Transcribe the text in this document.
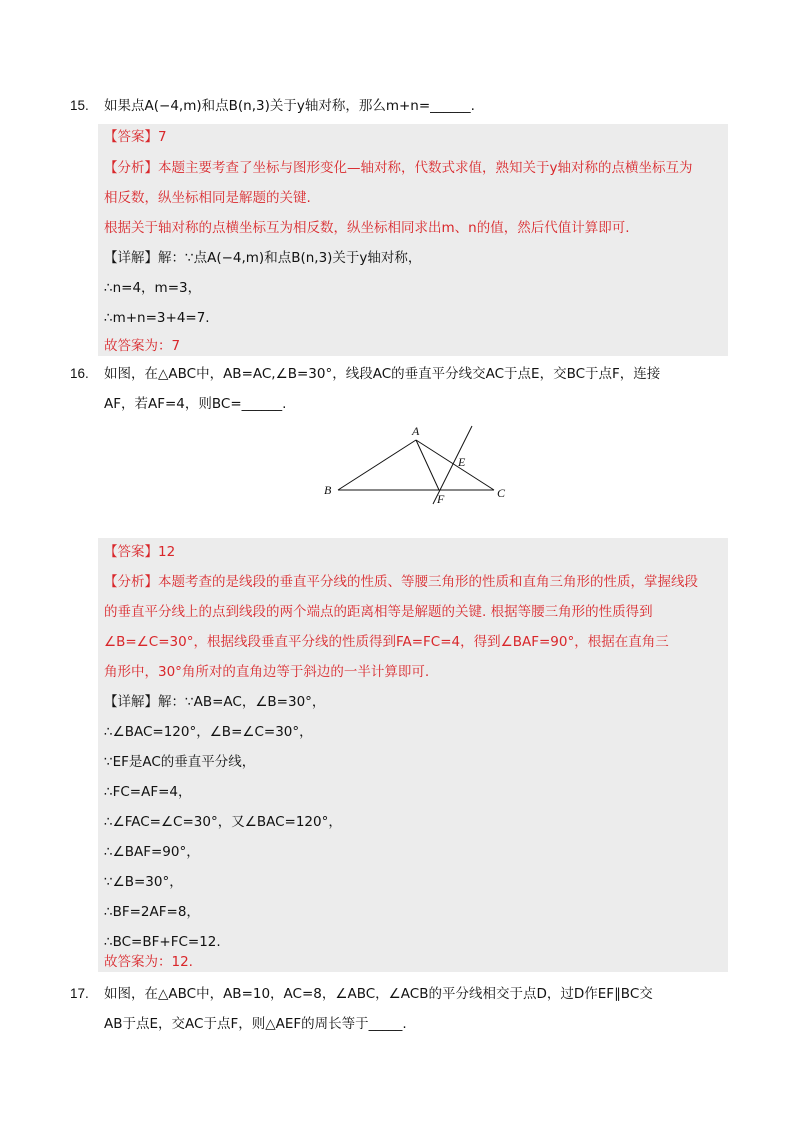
15. 如果点A(−4,m)和点B(n,3)关于y轴对称，那么m+n=______.
【答案】7
【分析】本题主要考查了坐标与图形变化—轴对称，代数式求值，熟知关于y轴对称的点横坐标互为
相反数，纵坐标相同是解题的关键.
根据关于轴对称的点横坐标互为相反数，纵坐标相同求出m、n的值，然后代值计算即可.
【详解】解：∵点A(−4,m)和点B(n,3)关于y轴对称，
∴n=4，m=3，
∴m+n=3+4=7.
故答案为：7
16. 如图，在△ABC中，AB=AC,∠B=30°，线段AC的垂直平分线交AC于点E，交BC于点F，连接
AF，若AF=4，则BC=______.
A
B	C
E
F
【答案】12
【分析】本题考查的是线段的垂直平分线的性质、等腰三角形的性质和直角三角形的性质，掌握线段
的垂直平分线上的点到线段的两个端点的距离相等是解题的关键. 根据等腰三角形的性质得到
∠B=∠C=30°，根据线段垂直平分线的性质得到FA=FC=4，得到∠BAF=90°，根据在直角三
角形中，30°角所对的直角边等于斜边的一半计算即可.
【详解】解：∵AB=AC，∠B=30°，
∴∠BAC=120°，∠B=∠C=30°，
∵EF是AC的垂直平分线，
∴FC=AF=4，
∴∠FAC=∠C=30°，又∠BAC=120°，
∴∠BAF=90°，
∵∠B=30°，
∴BF=2AF=8，
∴BC=BF+FC=12.
故答案为：12.
17. 如图，在△ABC中，AB=10，AC=8，∠ABC，∠ACB的平分线相交于点D，过D作EF∥BC交
AB于点E，交AC于点F，则△AEF的周长等于_____.
